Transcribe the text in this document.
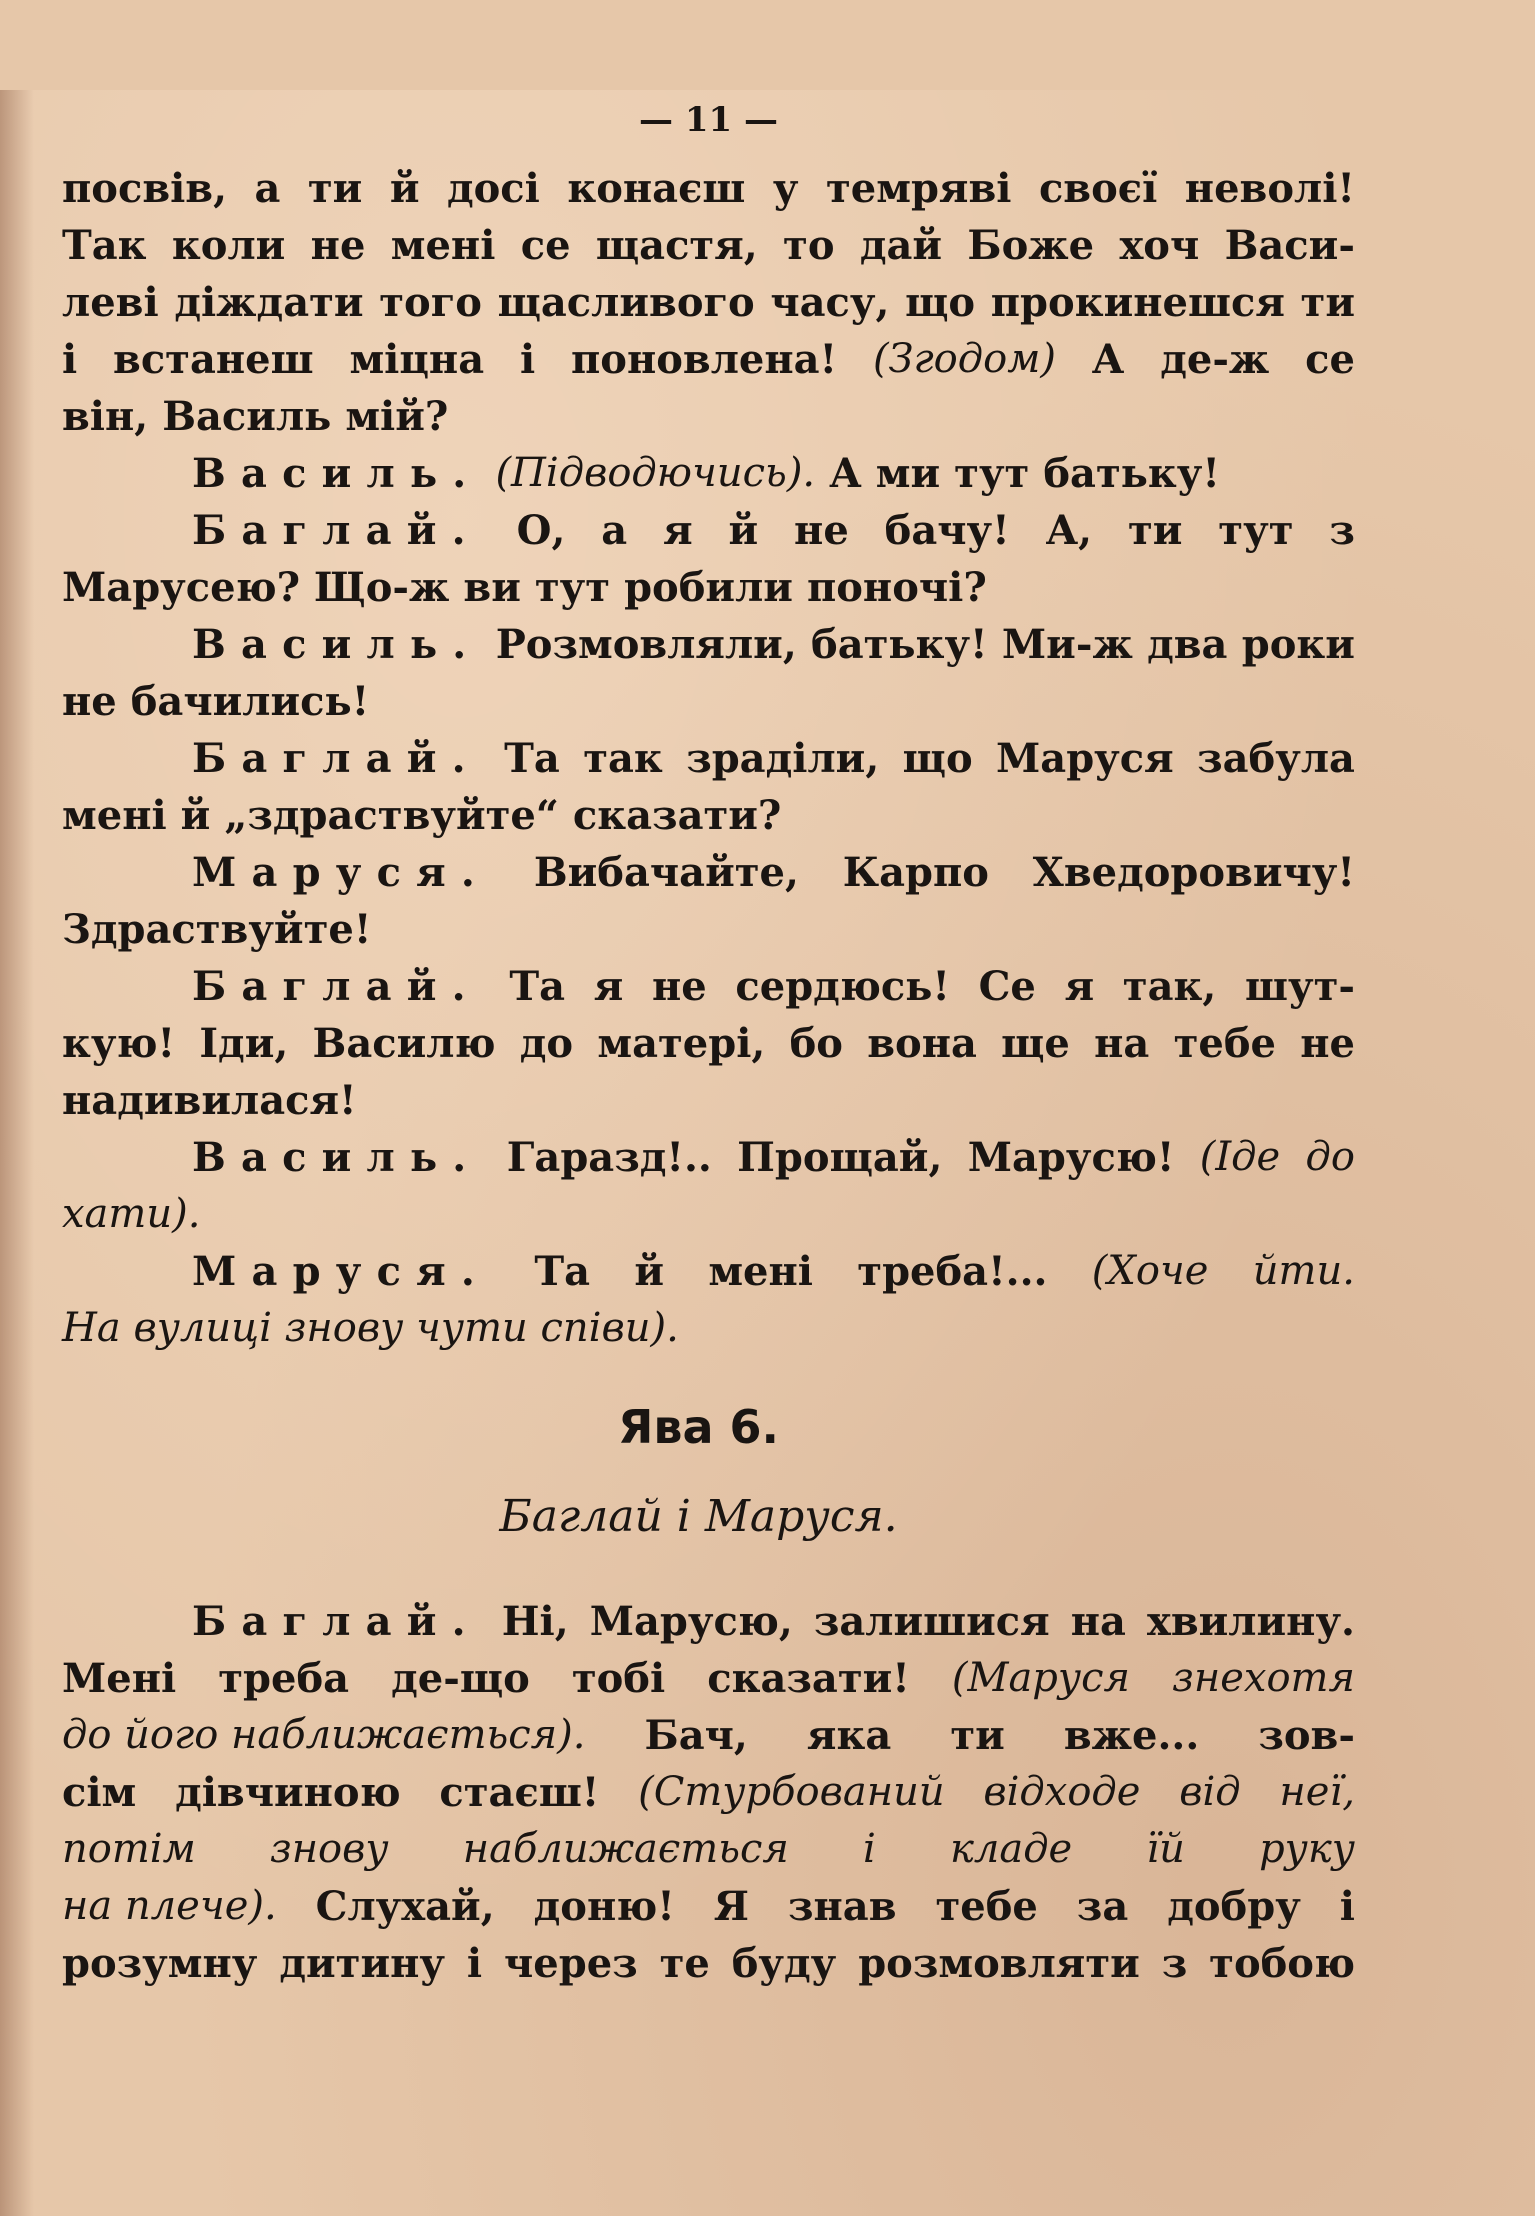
— 11 —
посвів, а ти й досі конаєш у темряві своєї неволі!
Так коли не мені се щастя, то дай Боже хоч Васи-
леві діждати того щасливого часу, що прокинешся ти
і встанеш міцна і поновлена! (Згодом) А де-ж се
він, Василь мій?
Василь. (Підводючись). А ми тут батьку!
Баглай. О, а я й не бачу! А, ти тут з
Марусею? Що-ж ви тут робили поночі?
Василь. Розмовляли, батьку! Ми-ж два роки
не бачились!
Баглай. Та так зраділи, що Маруся забула
мені й „здраствуйте“ сказати?
Маруся. Вибачайте, Карпо Хведоровичу!
Здраствуйте!
Баглай. Та я не сердюсь! Се я так, шут-
кую! Іди, Василю до матері, бо вона ще на тебе не
надивилася!
Василь. Гаразд!.. Прощай, Марусю! (Іде до
хати).
Маруся. Та й мені треба!... (Хоче йти.
На вулиці знову чути співи).
Ява 6.
Баглай і Маруся.
Баглай. Ні, Марусю, залишися на хвилину.
Мені треба де-що тобі сказати! (Маруся знехотя
до його наближається). Бач, яка ти вже... зов-
сім дівчиною стаєш! (Стурбований відходе від неї,
потім знову наближається і кладе їй руку
на плече). Слухай, доню! Я знав тебе за добру і
розумну дитину і через те буду розмовляти з тобою
